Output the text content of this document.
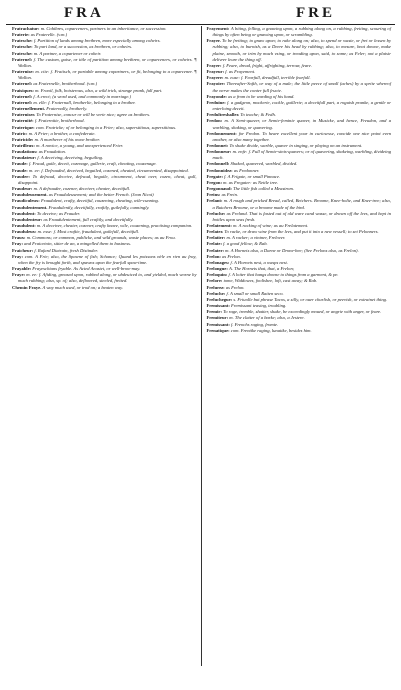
FRA	FRE

Fratrachatur: m. Cohibres, coparceners, partners in an inheritance, or succession.

Fraterie: as Fraterelle. (v.m.)

Fratesche: f. Partition of lands among brethren, more especially among coheirs.

Fratesche: To part land, or a succession, as brethren, or coheirs.

Fratesche: m. A partner, a copartener or coheir.

Fraternel: f. The custom, guise, or title of partition among brethren, or coparceners, or coheirs. ¶ Wallon.

Fraternise: m. cite: f. Fratisch, or partable among copartners, or fit, belonging to a coparcener. ¶ Wallon.

Fraternel: as Fraternelle, brotherhood. (v.m.)

Fraisiques: m. Fraoil, folk, boisterous, also, a wild trick, strange prank, full part.

Fraternel: f. A erect; (a word used, and commonly in marriage.)

Fraternel: m. elle: f. Fraternall, brotherlie, belonging to a brother.

Fraternellement. Fraternally, brotherly.

Fraterniser. To Fraternise, concur or will be verie nice; agree as brothers.

Fraternité: f. Fraternitie, brotherhood.

Fraterique: com. Fratricke; of or belonging to a Frier; also, superstitious, superstitious.

Fratric: m. A Frier; a brother, a confederate.

Fratricide: m. A murtherer of his owne brother.

Fratrilleux: m. A novice, a young, and unexperienced Frier.

Fraudations: as Fraudation.

Fraudateur: f. A deceiving, deceiving, beguiling.

Fraude: f. Fraud, guile, deceit, cozenage, gullerie, craft, cheating, couzenage.

Fraude: m. ee: f. Defrauded, deceived, beguiled, cozened, cheated, circumvented, disappointed.

Frauder: To defraud, deceive, defraud, beguile, circumvent, cheat over, cozen, cheat, gull, disappoint.

Fraudeur: m. A defrauder, cozener, deceiver, cheater, deceitfull.

Frauduleusement. as Frauduleusement; and the better French. (Jean Nicot)

Fraudiculeux: Fraudulent, crafty, deceitful, couzening, cheating, wile-cunning.

Fraudulentement. Fraudulently, deceitfully, craftily, guilefully, cunningly.

Fraudulent: To deceive; as Frauder.

Fraudulenteur: as Fraudulentement, full craftily, and deceitfully.

Fraudulent: m. A deceiver, cheater, cozener, crafty knave, wile, couzening, practising companion.

Frauduleux: m. esse: f. Most craftie, fraudulent, guilefull, deceitfull.

Fraux: m. Commons; or common, publicke, and wild grounds, waste places; as au Frou.

Fray: and Fraicetoin, sitter de an, a mingelled them to business.

Fraicheur: f. Rafard Diatrain, fresh Distinder.

Fray: com. A Frie; also, the Spawne of fish; Schance; Quand les poissons nèle en rien au fray, when the fry is brought forth, and spawns upon the fearfull spaw-time.

Frayable: Frayeschians fryable. As Acted Aeastet, or well-brow-may.

Fraye: m. ee: f. Afiding, greased upon, rubbed along, or ubdeuiced to, and yielded, much worne by much rubbing; also, sp. of; also, deflowred, steeled, fretted.

Chemin Fraye. A way much used, or trod on; a beaten way.

Frayement: A biting, felling, a gnawing upon, a rubbing along on, a rubbing, fretting, scouring of things by often being or gnawing upon, or scrambling.

Frayer. To be fretting; to gnaw upon; to rake along on; also, to spend or waste, or fret or lessen by rubbing; also, to burnish, as a Deere his head by rubbing; also, to mesure, beat downe, make plaine, smooth, or trim by much vsing, or treading upon, said, to some; as Feler; ont a plaisir delivrer leure the thing off.

Frayer: f. Feare, dread, fright, affrighting, terrour, feare.

Frayeur: f. as Frayement.

Frayere: m. euse: f. Fearfull, dreadfull, terrible fearfull.

Frayoire: Thereafter-Softh, or way of a male; the little peece of small (aches) by a sprite whereof the nerve makes the conter full fructe.

Frayonde: as a from to be warding of his hand.

Freduine: f. a gadgeon, mockerie, cockle, guillerie; a deceitfull part, a roguish pranke, a gentle or enterloing deceit.

Fredultreshaller. To teache; & Fedh.

Fredon: m. A Semi-quaver, or Semie-feminie quaver, in Musicke, and hence, Freudon, and a warbling, shaking, or quavering.

Fredonnement: for Fredon. To heare excellent your in curicsesse, concide one nice point even another, or also many together.

Fredonnet: To shake divide, warble, quaver in singing, or playing on an instrument.

Fredonneur: m. enfe: f. Full of Semie-sinis-quavers; or of quavering, shakeing, warbling, divideing much.

Fredonnell: Shaked, quavered, warbled, divided.

Fredonnidez: as Fredonner.

Fregate: f. A Frigate, or small Pinnace.

Fregon: m. as Fregater: as Nettle tree.

Fregonnaud: The little fish called a Meastrom.

Freins: as Frein.

Frelant: m. A rough and pricked Bread, called, Betchers. Broome, Knee-holie, and Knee-tree; also, a Butchers Broome, or a broome made of the bird.

Freluche: as Freland. That is fasted out of old ware cand wasse, or drawn off the lees, and hept in bottles upon seas fresh.

Frelatement: m. A racking of wine; as au Frelatement.

Frelater. To racke, or draw wine from the lees, and put it into a new vessell; to set Pelonners.

Frelatier: m. A racker; a vintner, Frelover.

Frelate: f. a good fellow; & Rab.

Frelater: m. A Hornets also, a Darne or Drone-bee; (See Frelons also, as Frelon).

Frelon: as Frelon.

Frelonages: f. A Hornets nest, a wasps nest.

Frelongue: A. The Hornets that, that, a Frelon;

Freloquin: f. A loiter that hangs downe to things from a garment, & pe.

Frelore: tome, Widdowes, foolishee, loft, cast away; & Rab.

Frelurez: as Frelon.

Freluche: f. A small or small Ratten seco.

Freluchegue: s. Friuolle but phrase Tacos, a silly, or ouer churlish, or peevish, or extrainet thing.

Fremissant: Fremissant teasing, troubling.

Fremir: To rage, tremble, shatter, shake, be exceedingly moued, or angrie with anger, or feare.

Fremiteur: m. The clatter of a barke; also, a Jestere.

Fremissant: f. Frenchs raging, fromte.

Frenatique: com. Frentike raging, lunatike, besides him.
